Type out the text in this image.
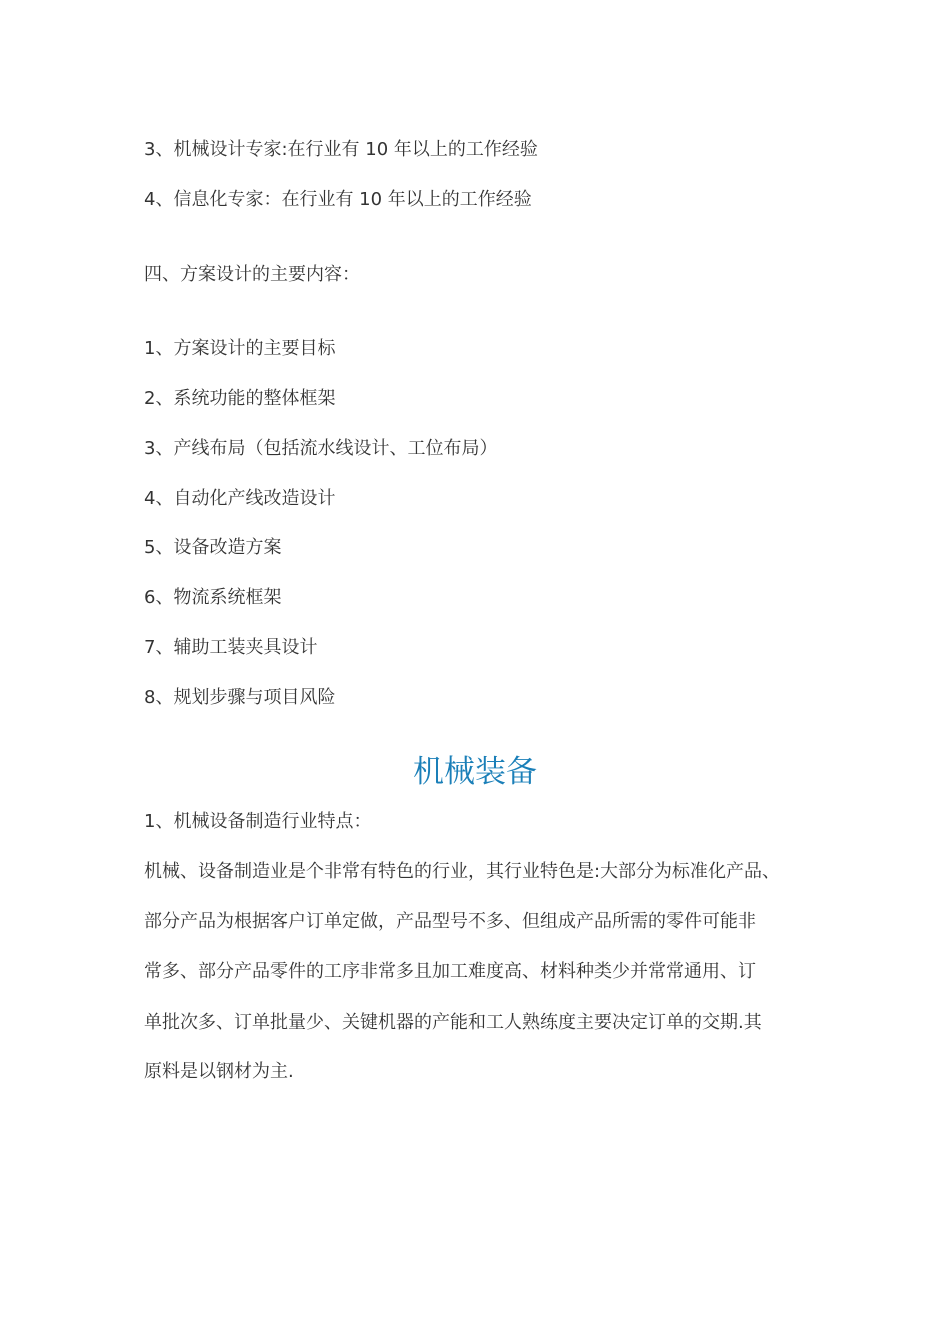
3、机械设计专家:在行业有 10 年以上的工作经验
4、信息化专家：在行业有 10 年以上的工作经验
四、方案设计的主要内容：
1、方案设计的主要目标
2、系统功能的整体框架
3、产线布局（包括流水线设计、工位布局）
4、自动化产线改造设计
5、设备改造方案
6、物流系统框架
7、辅助工装夹具设计
8、规划步骤与项目风险
机械装备
1、机械设备制造行业特点：
机械、设备制造业是个非常有特色的行业，其行业特色是:大部分为标准化产品、
部分产品为根据客户订单定做，产品型号不多、但组成产品所需的零件可能非
常多、部分产品零件的工序非常多且加工难度高、材料种类少并常常通用、订
单批次多、订单批量少、关键机器的产能和工人熟练度主要决定订单的交期.其
原料是以钢材为主.
